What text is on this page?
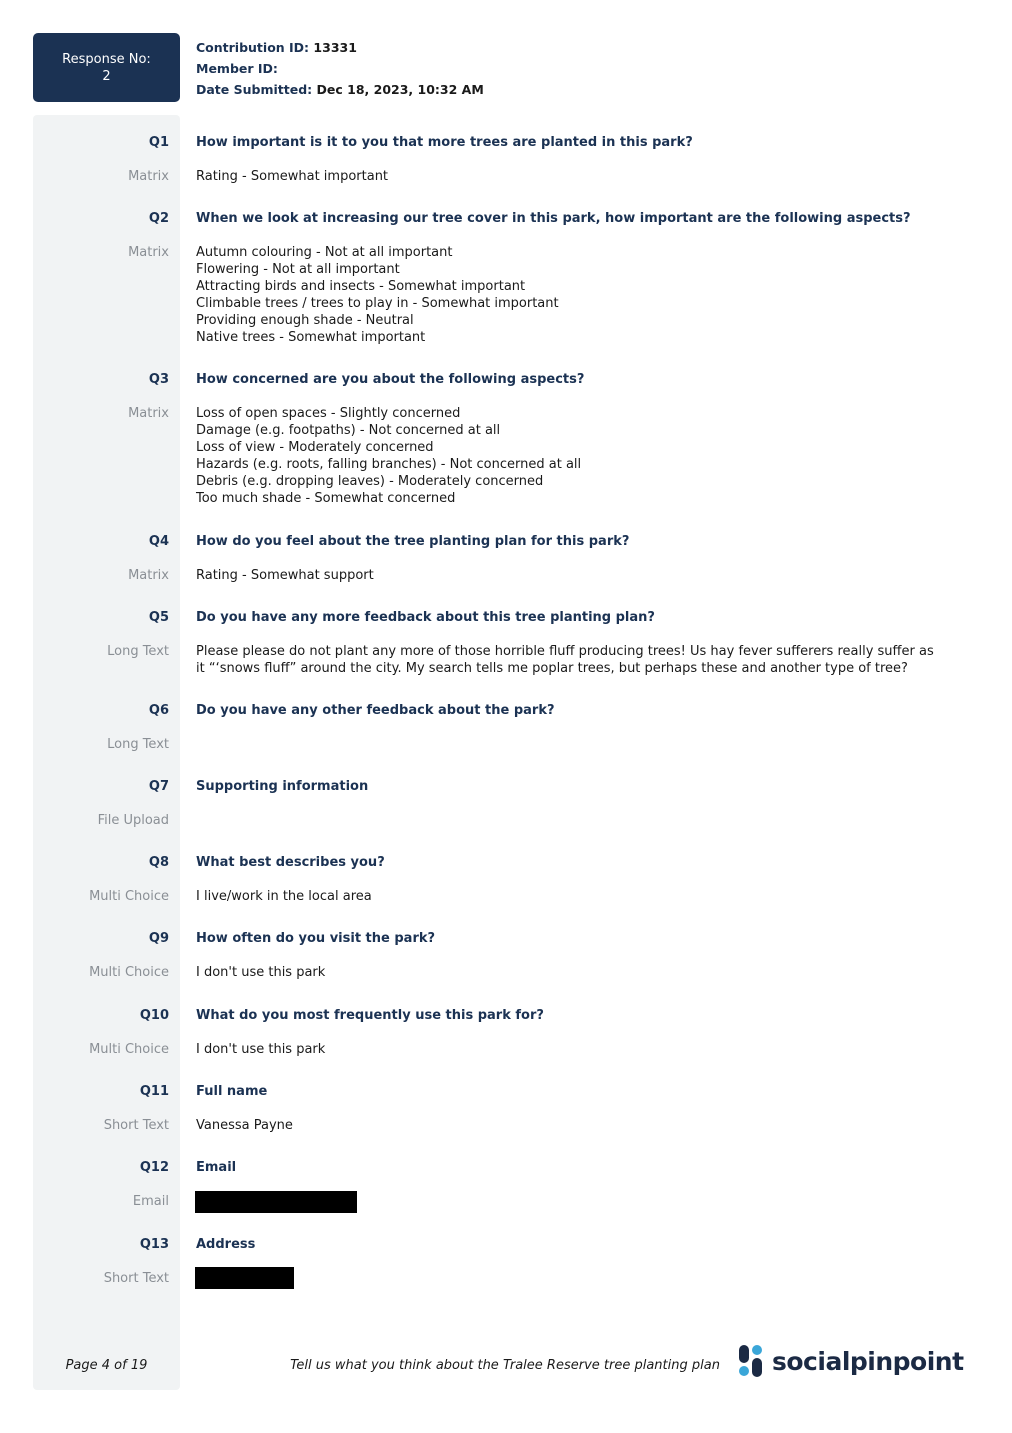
Response No:
2
Contribution ID: 13331
Member ID:
Date Submitted: Dec 18, 2023, 10:32 AM
Q1 How important is it to you that more trees are planted in this park?
Matrix Rating - Somewhat important
Q2 When we look at increasing our tree cover in this park, how important are the following aspects?
Matrix Autumn colouring - Not at all important
Flowering - Not at all important
Attracting birds and insects - Somewhat important
Climbable trees / trees to play in - Somewhat important
Providing enough shade - Neutral
Native trees - Somewhat important
Q3 How concerned are you about the following aspects?
Matrix Loss of open spaces - Slightly concerned
Damage (e.g. footpaths) - Not concerned at all
Loss of view - Moderately concerned
Hazards (e.g. roots, falling branches) - Not concerned at all
Debris (e.g. dropping leaves) - Moderately concerned
Too much shade - Somewhat concerned
Q4 How do you feel about the tree planting plan for this park?
Matrix Rating - Somewhat support
Q5 Do you have any more feedback about this tree planting plan?
Long Text Please please do not plant any more of those horrible fluff producing trees! Us hay fever sufferers really suffer as it “‘snows fluff” around the city. My search tells me poplar trees, but perhaps these and another type of tree?
Q6 Do you have any other feedback about the park?
Long Text
Q7 Supporting information
File Upload
Q8 What best describes you?
Multi Choice I live/work in the local area
Q9 How often do you visit the park?
Multi Choice I don't use this park
Q10 What do you most frequently use this park for?
Multi Choice I don't use this park
Q11 Full name
Short Text Vanessa Payne
Q12 Email
Email
Q13 Address
Short Text
Page 4 of 19	Tell us what you think about the Tralee Reserve tree planting plan	socialpinpoint
